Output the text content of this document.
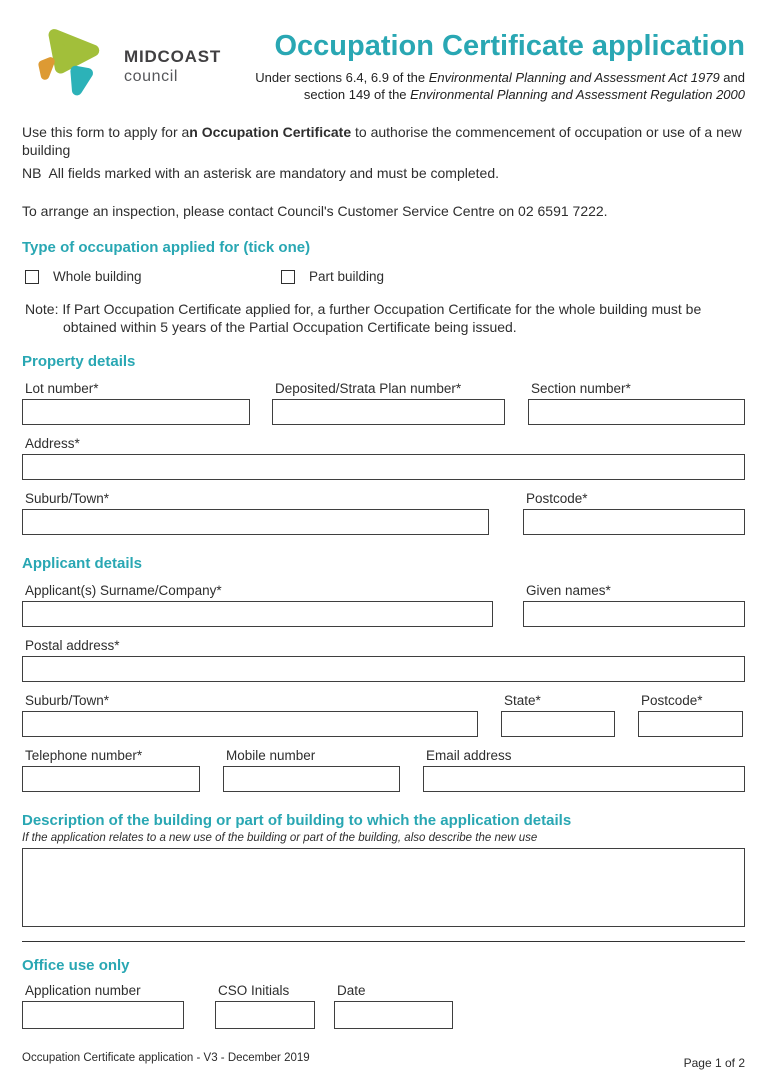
MIDCOAST
council
Occupation Certificate application
Under sections 6.4, 6.9 of the Environmental Planning and Assessment Act 1979 and
section 149 of the Environmental Planning and Assessment Regulation 2000
Use this form to apply for an Occupation Certificate to authorise the commencement of occupation or use of a new building
NB  All fields marked with an asterisk are mandatory and must be completed.
To arrange an inspection, please contact Council's Customer Service Centre on 02 6591 7222.
Type of occupation applied for (tick one)
Whole building	Part building
Note: If Part Occupation Certificate applied for, a further Occupation Certificate for the whole building must be
obtained within 5 years of the Partial Occupation Certificate being issued.
Property details
Lot number*	Deposited/Strata Plan number*	Section number*
Address*
Suburb/Town*	Postcode*
Applicant details
Applicant(s) Surname/Company*	Given names*
Postal address*
Suburb/Town*	State*	Postcode*
Telephone number*	Mobile number	Email address
Description of the building or part of building to which the application details
If the application relates to a new use of the building or part of the building, also describe the new use
Office use only
Application number	CSO Initials	Date
Occupation Certificate application - V3 - December 2019	Page 1 of 2
